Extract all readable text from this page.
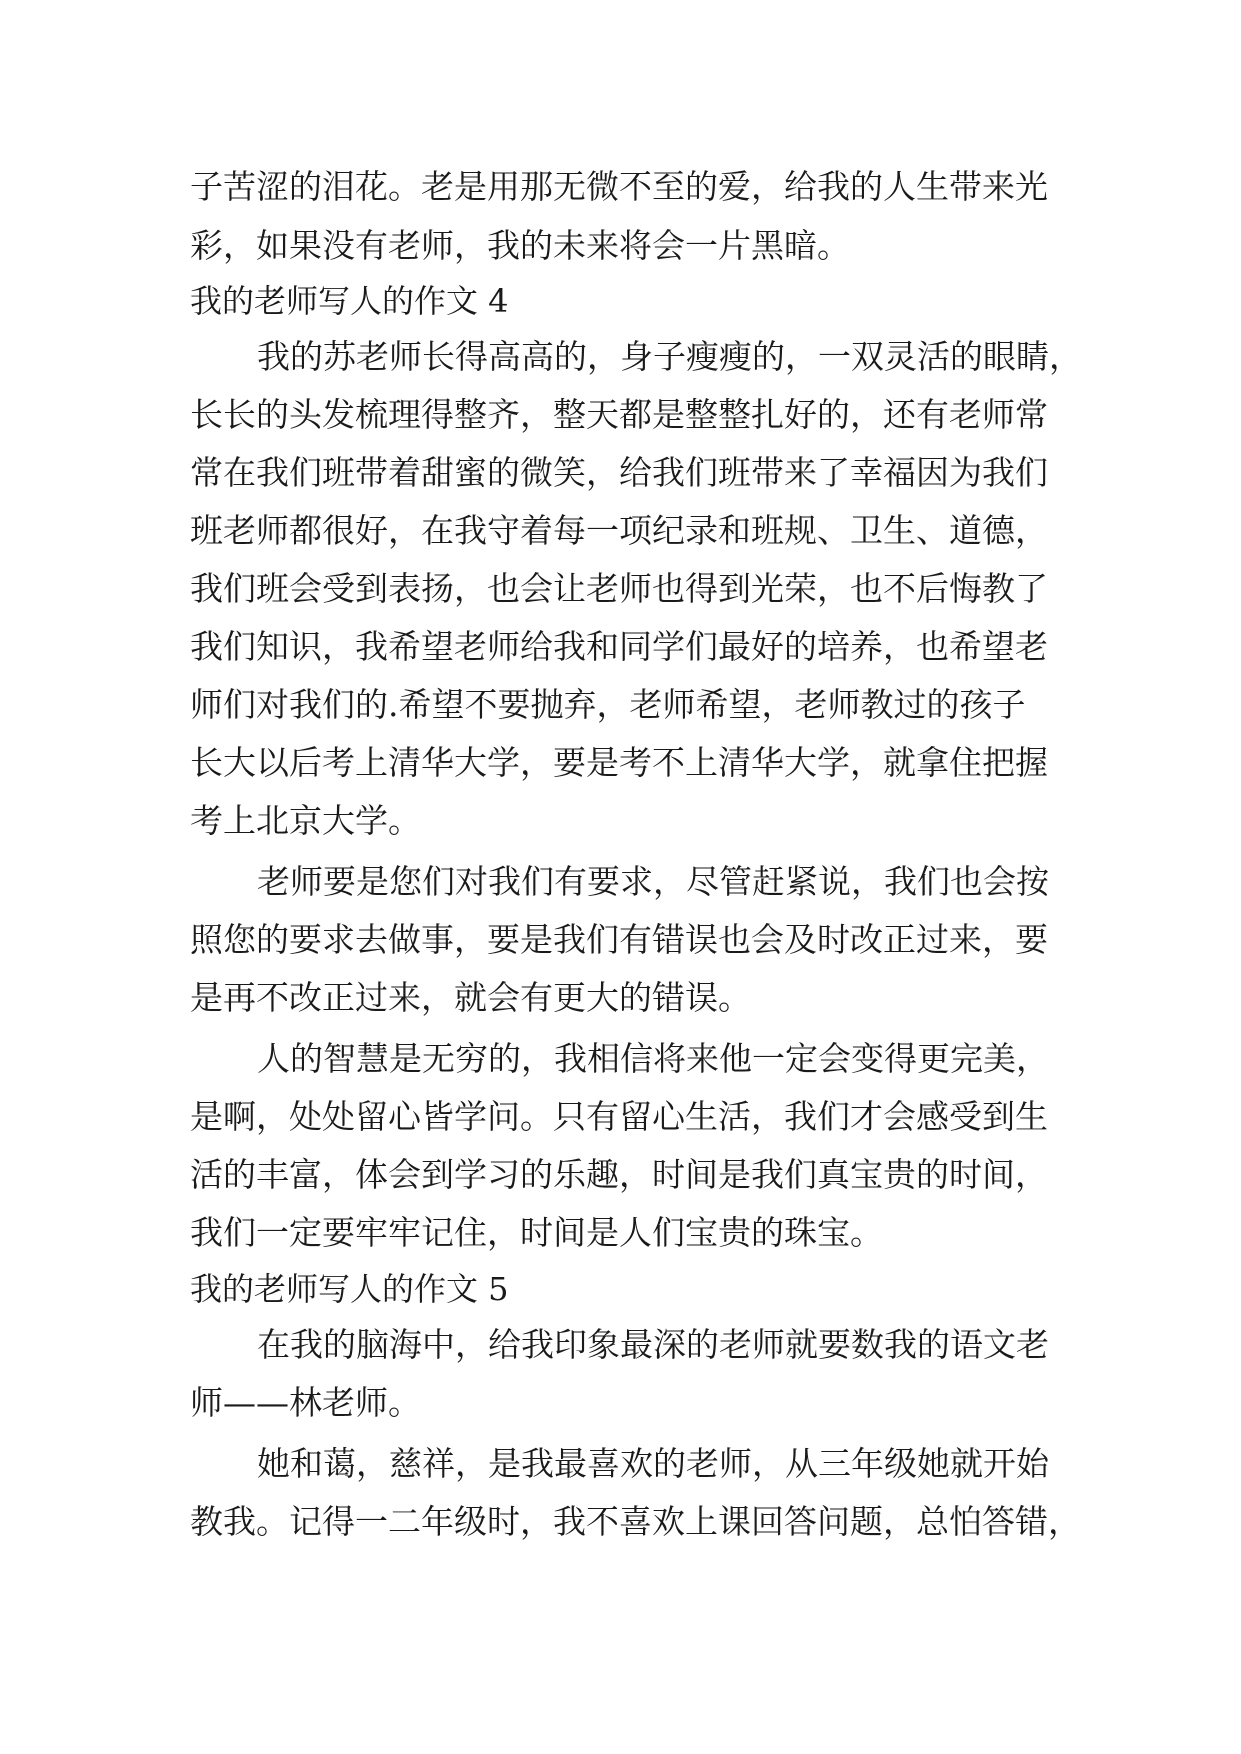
子苦涩的泪花。老是用那无微不至的爱，给我的人生带来光

彩，如果没有老师，我的未来将会一片黑暗。

我的老师写人的作文 4

我的苏老师长得高高的，身子瘦瘦的，一双灵活的眼睛，

长长的头发梳理得整齐，整天都是整整扎好的，还有老师常

常在我们班带着甜蜜的微笑，给我们班带来了幸福因为我们

班老师都很好，在我守着每一项纪录和班规、卫生、道德，

我们班会受到表扬，也会让老师也得到光荣，也不后悔教了

我们知识，我希望老师给我和同学们最好的培养，也希望老

师们对我们的.希望不要抛弃，老师希望，老师教过的孩子

长大以后考上清华大学，要是考不上清华大学，就拿住把握

考上北京大学。

老师要是您们对我们有要求，尽管赶紧说，我们也会按

照您的要求去做事，要是我们有错误也会及时改正过来，要

是再不改正过来，就会有更大的错误。

人的智慧是无穷的，我相信将来他一定会变得更完美，

是啊，处处留心皆学问。只有留心生活，我们才会感受到生

活的丰富，体会到学习的乐趣，时间是我们真宝贵的时间，

我们一定要牢牢记住，时间是人们宝贵的珠宝。

我的老师写人的作文 5

在我的脑海中，给我印象最深的老师就要数我的语文老

师——林老师。

她和蔼，慈祥，是我最喜欢的老师，从三年级她就开始

教我。记得一二年级时，我不喜欢上课回答问题，总怕答错，
